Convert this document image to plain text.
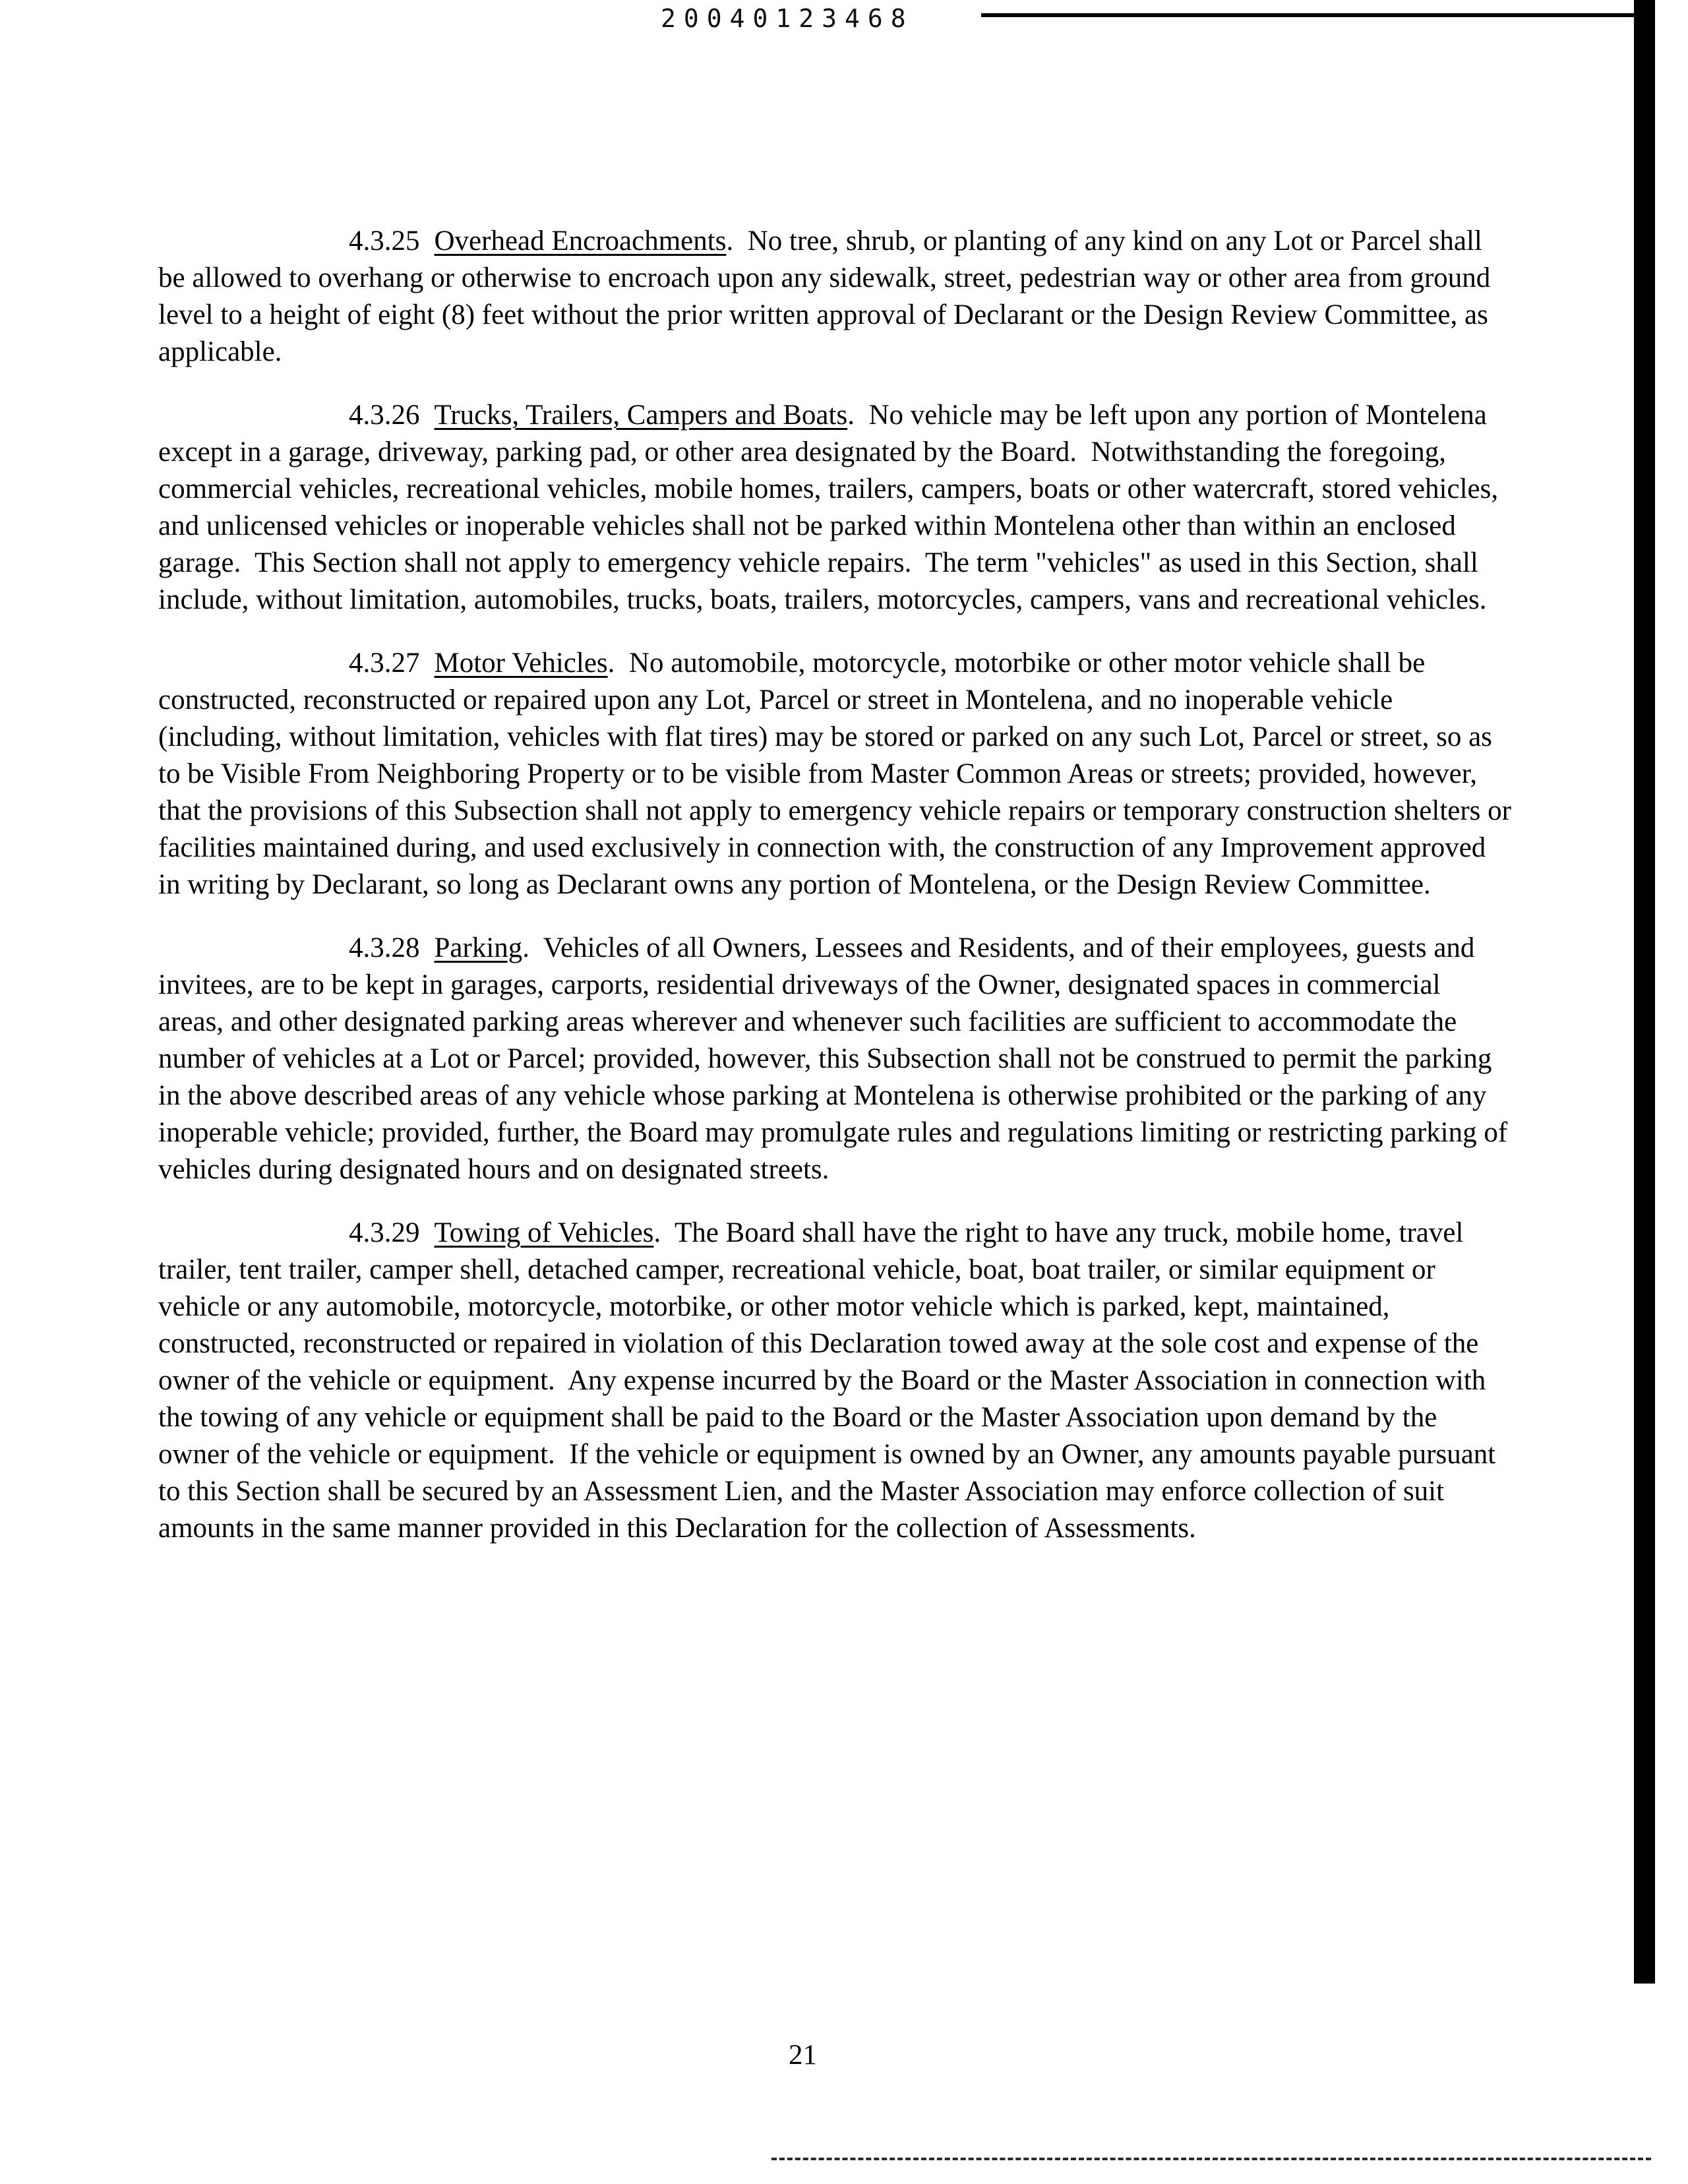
20040123468

4.3.25 Overhead Encroachments.  No tree, shrub, or planting of any kind on any Lot or Parcel shall be allowed to overhang or otherwise to encroach upon any sidewalk, street, pedestrian way or other area from ground level to a height of eight (8) feet without the prior written approval of Declarant or the Design Review Committee, as applicable.

4.3.26 Trucks, Trailers, Campers and Boats.  No vehicle may be left upon any portion of Montelena except in a garage, driveway, parking pad, or other area designated by the Board.  Notwithstanding the foregoing, commercial vehicles, recreational vehicles, mobile homes, trailers, campers, boats or other watercraft, stored vehicles, and unlicensed vehicles or inoperable vehicles shall not be parked within Montelena other than within an enclosed garage.  This Section shall not apply to emergency vehicle repairs.  The term "vehicles" as used in this Section, shall include, without limitation, automobiles, trucks, boats, trailers, motorcycles, campers, vans and recreational vehicles.

4.3.27 Motor Vehicles.  No automobile, motorcycle, motorbike or other motor vehicle shall be constructed, reconstructed or repaired upon any Lot, Parcel or street in Montelena, and no inoperable vehicle (including, without limitation, vehicles with flat tires) may be stored or parked on any such Lot, Parcel or street, so as to be Visible From Neighboring Property or to be visible from Master Common Areas or streets; provided, however, that the provisions of this Subsection shall not apply to emergency vehicle repairs or temporary construction shelters or facilities maintained during, and used exclusively in connection with, the construction of any Improvement approved in writing by Declarant, so long as Declarant owns any portion of Montelena, or the Design Review Committee.

4.3.28 Parking.  Vehicles of all Owners, Lessees and Residents, and of their employees, guests and invitees, are to be kept in garages, carports, residential driveways of the Owner, designated spaces in commercial areas, and other designated parking areas wherever and whenever such facilities are sufficient to accommodate the number of vehicles at a Lot or Parcel; provided, however, this Subsection shall not be construed to permit the parking in the above described areas of any vehicle whose parking at Montelena is otherwise prohibited or the parking of any inoperable vehicle; provided, further, the Board may promulgate rules and regulations limiting or restricting parking of vehicles during designated hours and on designated streets.

4.3.29 Towing of Vehicles.  The Board shall have the right to have any truck, mobile home, travel trailer, tent trailer, camper shell, detached camper, recreational vehicle, boat, boat trailer, or similar equipment or vehicle or any automobile, motorcycle, motorbike, or other motor vehicle which is parked, kept, maintained, constructed, reconstructed or repaired in violation of this Declaration towed away at the sole cost and expense of the owner of the vehicle or equipment.  Any expense incurred by the Board or the Master Association in connection with the towing of any vehicle or equipment shall be paid to the Board or the Master Association upon demand by the owner of the vehicle or equipment.  If the vehicle or equipment is owned by an Owner, any amounts payable pursuant to this Section shall be secured by an Assessment Lien, and the Master Association may enforce collection of suit amounts in the same manner provided in this Declaration for the collection of Assessments.

21
